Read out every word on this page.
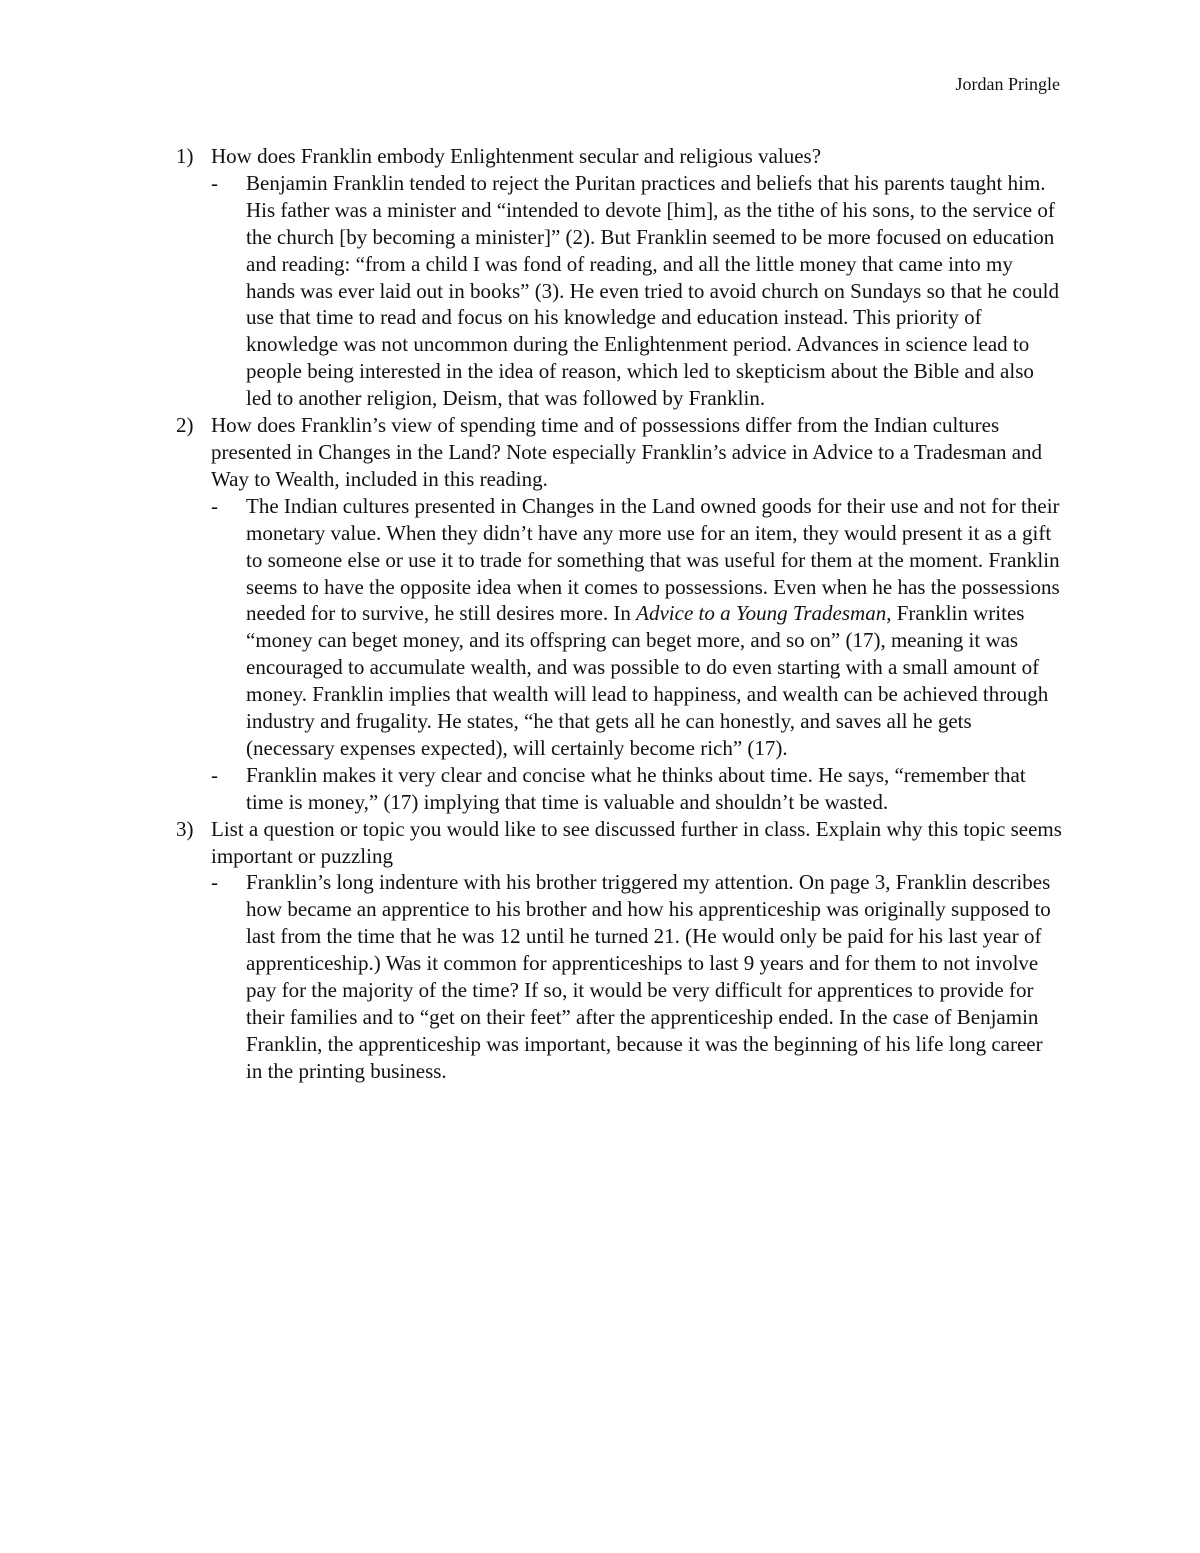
Jordan Pringle
1) How does Franklin embody Enlightenment secular and religious values?
-	Benjamin Franklin tended to reject the Puritan practices and beliefs that his parents taught him. His father was a minister and “intended to devote [him], as the tithe of his sons, to the service of the church [by becoming a minister]” (2). But Franklin seemed to be more focused on education and reading: “from a child I was fond of reading, and all the little money that came into my hands was ever laid out in books” (3). He even tried to avoid church on Sundays so that he could use that time to read and focus on his knowledge and education instead. This priority of knowledge was not uncommon during the Enlightenment period. Advances in science lead to people being interested in the idea of reason, which led to skepticism about the Bible and also led to another religion, Deism, that was followed by Franklin.
2) How does Franklin’s view of spending time and of possessions differ from the Indian cultures presented in Changes in the Land? Note especially Franklin’s advice in Advice to a Tradesman and Way to Wealth, included in this reading.
-	The Indian cultures presented in Changes in the Land owned goods for their use and not for their monetary value. When they didn’t have any more use for an item, they would present it as a gift to someone else or use it to trade for something that was useful for them at the moment. Franklin seems to have the opposite idea when it comes to possessions. Even when he has the possessions needed for to survive, he still desires more. In Advice to a Young Tradesman, Franklin writes “money can beget money, and its offspring can beget more, and so on” (17), meaning it was encouraged to accumulate wealth, and was possible to do even starting with a small amount of money. Franklin implies that wealth will lead to happiness, and wealth can be achieved through industry and frugality. He states, “he that gets all he can honestly, and saves all he gets (necessary expenses expected), will certainly become rich” (17).
-	Franklin makes it very clear and concise what he thinks about time. He says, “remember that time is money,” (17) implying that time is valuable and shouldn’t be wasted.
3) List a question or topic you would like to see discussed further in class. Explain why this topic seems important or puzzling
-	Franklin’s long indenture with his brother triggered my attention. On page 3, Franklin describes how became an apprentice to his brother and how his apprenticeship was originally supposed to last from the time that he was 12 until he turned 21. (He would only be paid for his last year of apprenticeship.) Was it common for apprenticeships to last 9 years and for them to not involve pay for the majority of the time? If so, it would be very difficult for apprentices to provide for their families and to “get on their feet” after the apprenticeship ended. In the case of Benjamin Franklin, the apprenticeship was important, because it was the beginning of his life long career in the printing business.
